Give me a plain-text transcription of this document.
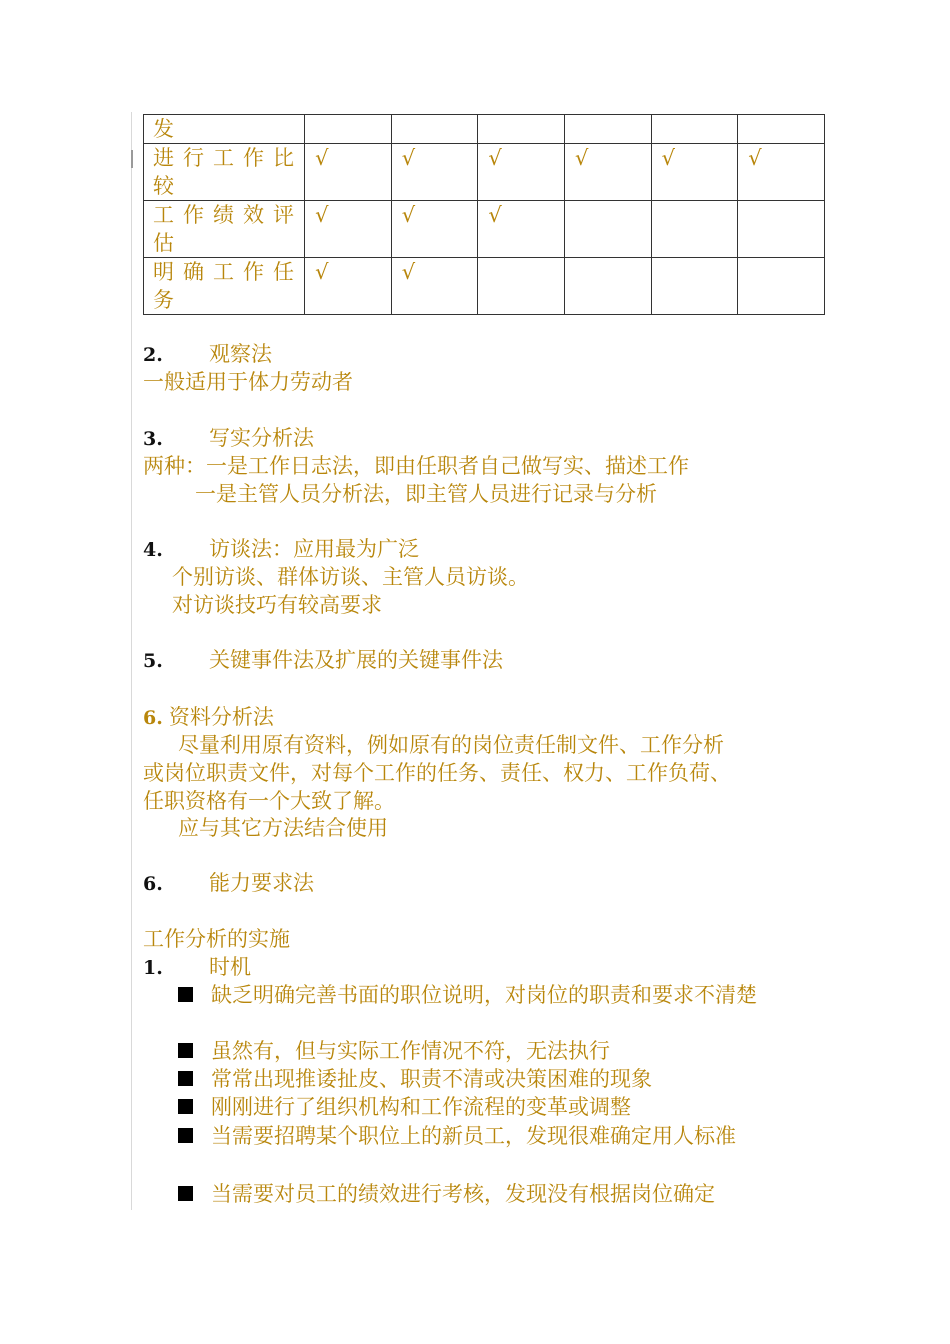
发						
进行工作比较	√	√	√	√	√	√
工作绩效评估	√	√	√			
明确工作任务	√	√				
2. 观察法
一般适用于体力劳动者
3. 写实分析法
两种：一是工作日志法，即由任职者自己做写实、描述工作
一是主管人员分析法，即主管人员进行记录与分析
4. 访谈法：应用最为广泛
个别访谈、群体访谈、主管人员访谈。
对访谈技巧有较高要求
5. 关键事件法及扩展的关键事件法
6. 资料分析法
尽量利用原有资料，例如原有的岗位责任制文件、工作分析
或岗位职责文件，对每个工作的任务、责任、权力、工作负荷、
任职资格有一个大致了解。
应与其它方法结合使用
6. 能力要求法
工作分析的实施
1. 时机
缺乏明确完善书面的职位说明，对岗位的职责和要求不清楚
虽然有，但与实际工作情况不符，无法执行
常常出现推诿扯皮、职责不清或决策困难的现象
刚刚进行了组织机构和工作流程的变革或调整
当需要招聘某个职位上的新员工，发现很难确定用人标准
当需要对员工的绩效进行考核，发现没有根据岗位确定
